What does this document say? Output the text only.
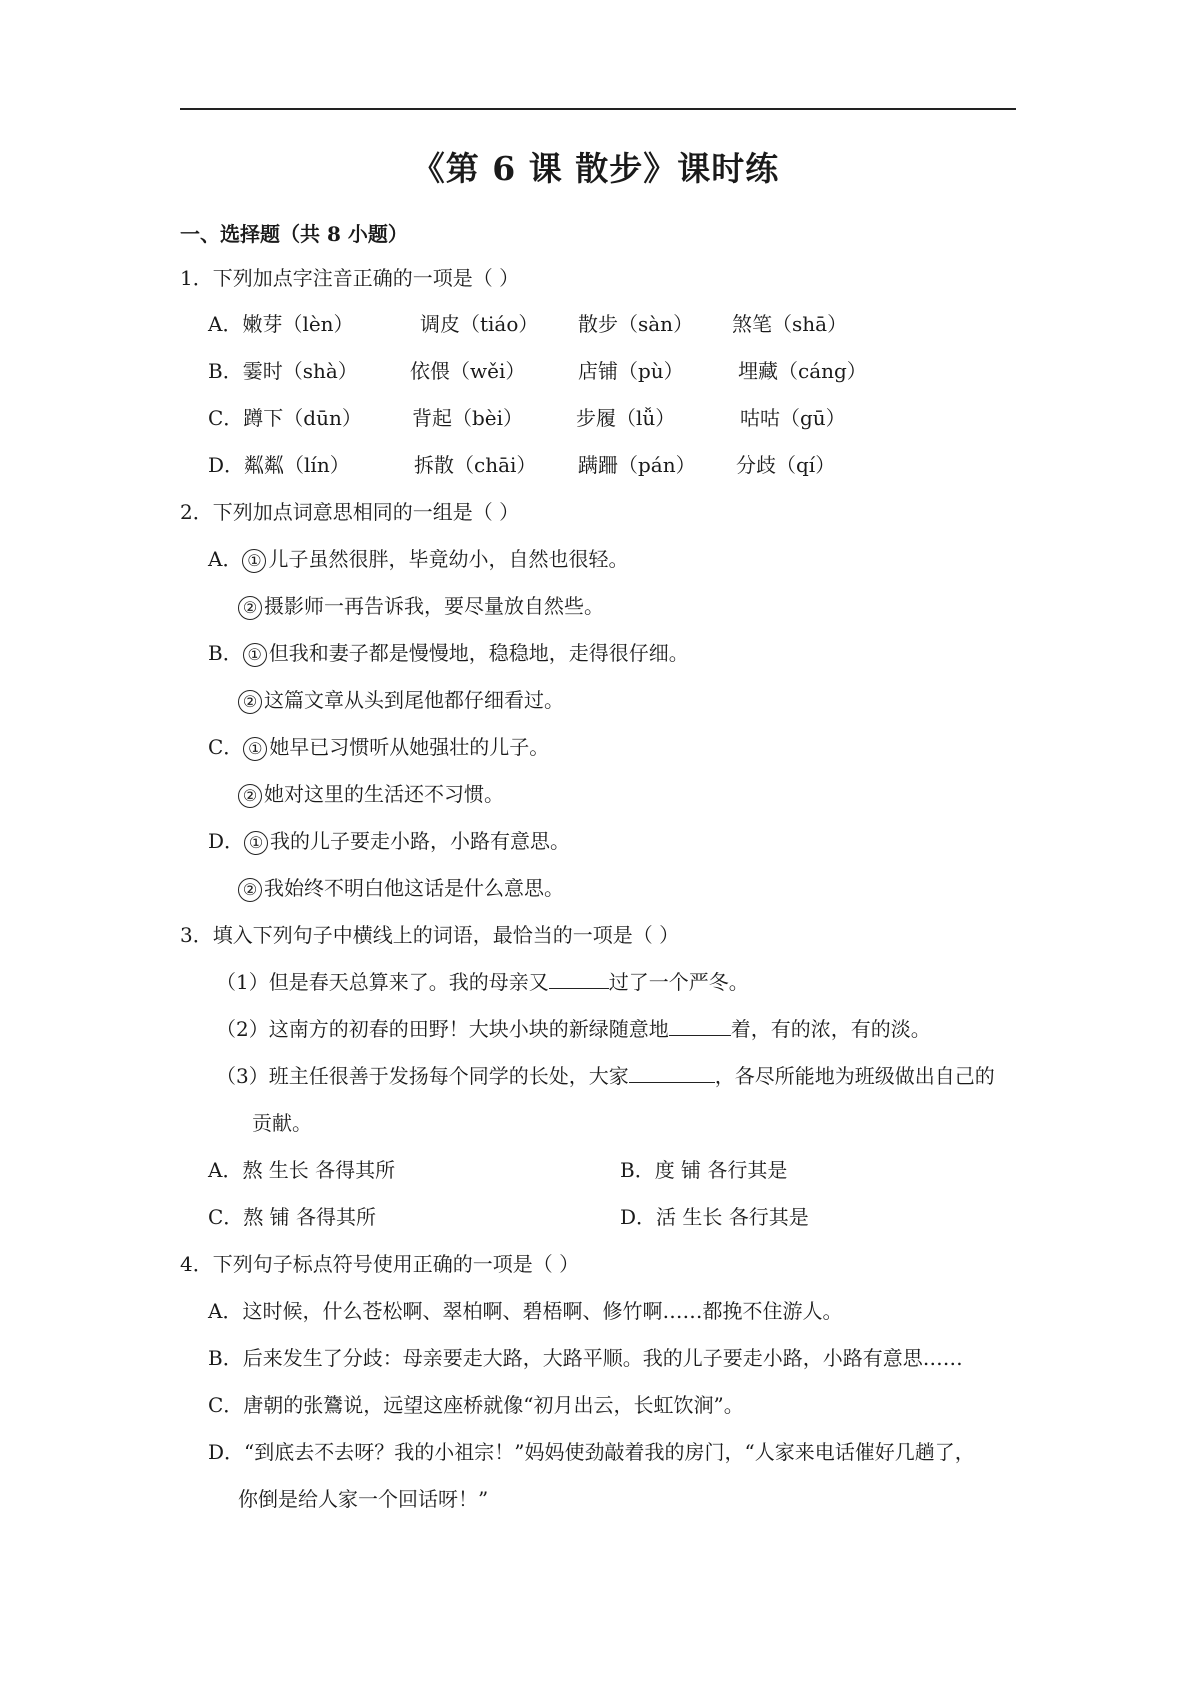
《第 6 课 散步》课时练
一、选择题（共 8 小题）
1．下列加点字注音正确的一项是（ ）
A．嫩芽（lèn）	调皮（tiáo） 散步（sàn） 煞笔（shā）
B．霎时（shà）	依偎（wěi）	店铺（pù）	埋藏（cáng）
C．蹲下（dūn）	背起（bèi）	步履（lǚ）	咕咕（gū）
D．粼粼（lín）	拆散（chāi） 蹒跚（pán） 分歧（qí）
2．下列加点词意思相同的一组是（ ）
A． ① 儿子虽然很胖，毕竟幼小，自然也很轻。
② 摄影师一再告诉我，要尽量放自然些。
B． ① 但我和妻子都是慢慢地，稳稳地，走得很仔细。
② 这篇文章从头到尾他都仔细看过。
C． ① 她早已习惯听从她强壮的儿子。
② 她对这里的生活还不习惯。
D． ① 我的儿子要走小路，小路有意思。
② 我始终不明白他这话是什么意思。
3．填入下列句子中横线上的词语，最恰当的一项是（ ）
（1）但是春天总算来了。我的母亲又	过了一个严冬。
（2）这南方的初春的田野！大块小块的新绿随意地	着，有的浓，有的淡。
（3）班主任很善于发扬每个同学的长处，大家	，各尽所能地为班级做出自己的
贡献。
A．熬 生长 各得其所	B．度 铺 各行其是
C．熬 铺 各得其所	D．活 生长 各行其是
4．下列句子标点符号使用正确的一项是（ ）
A．这时候，什么苍松啊、翠柏啊、碧梧啊、修竹啊……都挽不住游人。
B．后来发生了分歧：母亲要走大路，大路平顺。我的儿子要走小路，小路有意思……
C．唐朝的张鷟说，远望这座桥就像“初月出云，长虹饮涧”。
D．“到底去不去呀？我的小祖宗！”妈妈使劲敲着我的房门，“人家来电话催好几趟了，
你倒是给人家一个回话呀！”
